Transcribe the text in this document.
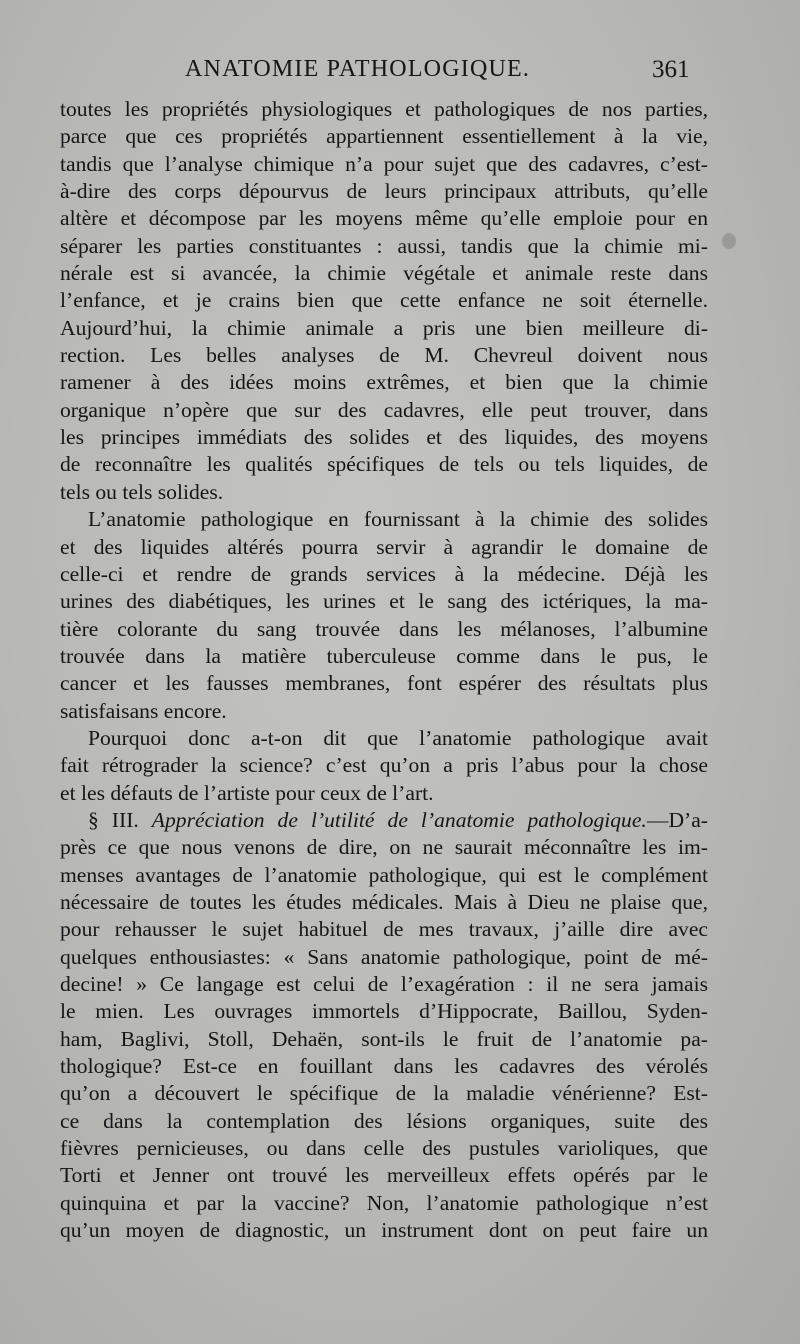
ANATOMIE PATHOLOGIQUE.	361
toutes les propriétés physiologiques et pathologiques de nos parties,
parce que ces propriétés appartiennent essentiellement à la vie,
tandis que l’analyse chimique n’a pour sujet que des cadavres, c’est-
à-dire des corps dépourvus de leurs principaux attributs, qu’elle
altère et décompose par les moyens même qu’elle emploie pour en
séparer les parties constituantes : aussi, tandis que la chimie mi-
nérale est si avancée, la chimie végétale et animale reste dans
l’enfance, et je crains bien que cette enfance ne soit éternelle.
Aujourd’hui, la chimie animale a pris une bien meilleure di-
rection. Les belles analyses de M. Chevreul doivent nous
ramener à des idées moins extrêmes, et bien que la chimie
organique n’opère que sur des cadavres, elle peut trouver, dans
les principes immédiats des solides et des liquides, des moyens
de reconnaître les qualités spécifiques de tels ou tels liquides, de
tels ou tels solides.
L’anatomie pathologique en fournissant à la chimie des solides
et des liquides altérés pourra servir à agrandir le domaine de
celle-ci et rendre de grands services à la médecine. Déjà les
urines des diabétiques, les urines et le sang des ictériques, la ma-
tière colorante du sang trouvée dans les mélanoses, l’albumine
trouvée dans la matière tuberculeuse comme dans le pus, le
cancer et les fausses membranes, font espérer des résultats plus
satisfaisans encore.
Pourquoi donc a-t-on dit que l’anatomie pathologique avait
fait rétrograder la science? c’est qu’on a pris l’abus pour la chose
et les défauts de l’artiste pour ceux de l’art.
§ III. Appréciation de l’utilité de l’anatomie pathologique.—D’a-
près ce que nous venons de dire, on ne saurait méconnaître les im-
menses avantages de l’anatomie pathologique, qui est le complément
nécessaire de toutes les études médicales. Mais à Dieu ne plaise que,
pour rehausser le sujet habituel de mes travaux, j’aille dire avec
quelques enthousiastes: « Sans anatomie pathologique, point de mé-
decine! » Ce langage est celui de l’exagération : il ne sera jamais
le mien. Les ouvrages immortels d’Hippocrate, Baillou, Syden-
ham, Baglivi, Stoll, Dehaën, sont-ils le fruit de l’anatomie pa-
thologique? Est-ce en fouillant dans les cadavres des vérolés
qu’on a découvert le spécifique de la maladie vénérienne? Est-
ce dans la contemplation des lésions organiques, suite des
fièvres pernicieuses, ou dans celle des pustules varioliques, que
Torti et Jenner ont trouvé les merveilleux effets opérés par le
quinquina et par la vaccine? Non, l’anatomie pathologique n’est
qu’un moyen de diagnostic, un instrument dont on peut faire un
